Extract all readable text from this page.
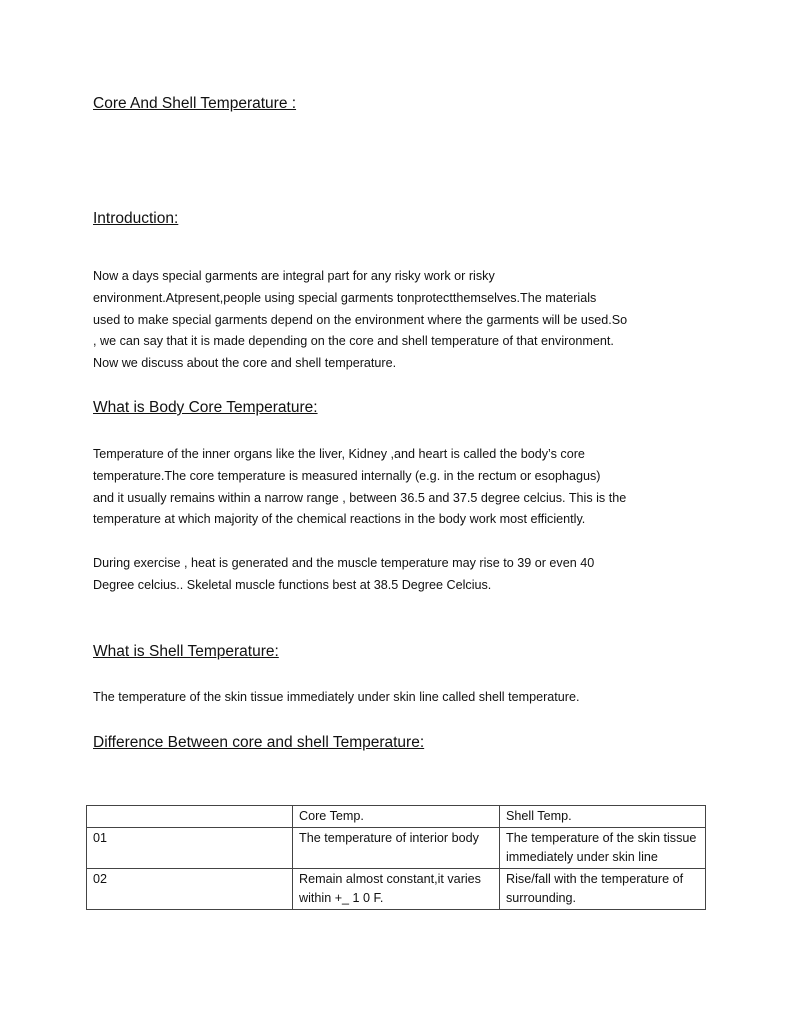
Core And Shell Temperature :
Introduction:
Now a days special garments are integral part for any risky work or risky
environment.Atpresent,people using special garments tonprotectthemselves.The materials
used to make special garments depend on the environment where the garments will be used.So
, we can say that it is made depending on the core and shell temperature of that environment.
Now we discuss about the core and shell temperature.
What is Body Core Temperature:
Temperature of the inner organs like the liver, Kidney ,and heart is called the body’s core
temperature.The core temperature is measured internally (e.g. in the rectum or esophagus)
and it usually remains within a narrow range , between 36.5 and 37.5 degree celcius. This is the
temperature at which majority of the chemical reactions in the body work most efficiently.
During exercise , heat is generated and the muscle temperature may rise to 39 or even 40
Degree celcius.. Skeletal muscle functions best at 38.5 Degree Celcius.
What is Shell Temperature:
The temperature of the skin tissue immediately under skin line called shell temperature.
Difference Between core and shell Temperature:
	Core Temp.	Shell Temp.
01	The temperature of interior body	The temperature of the skin tissue immediately under skin line
02	Remain almost constant,it varies within +_ 1 0 F.	Rise/fall with the temperature of surrounding.
